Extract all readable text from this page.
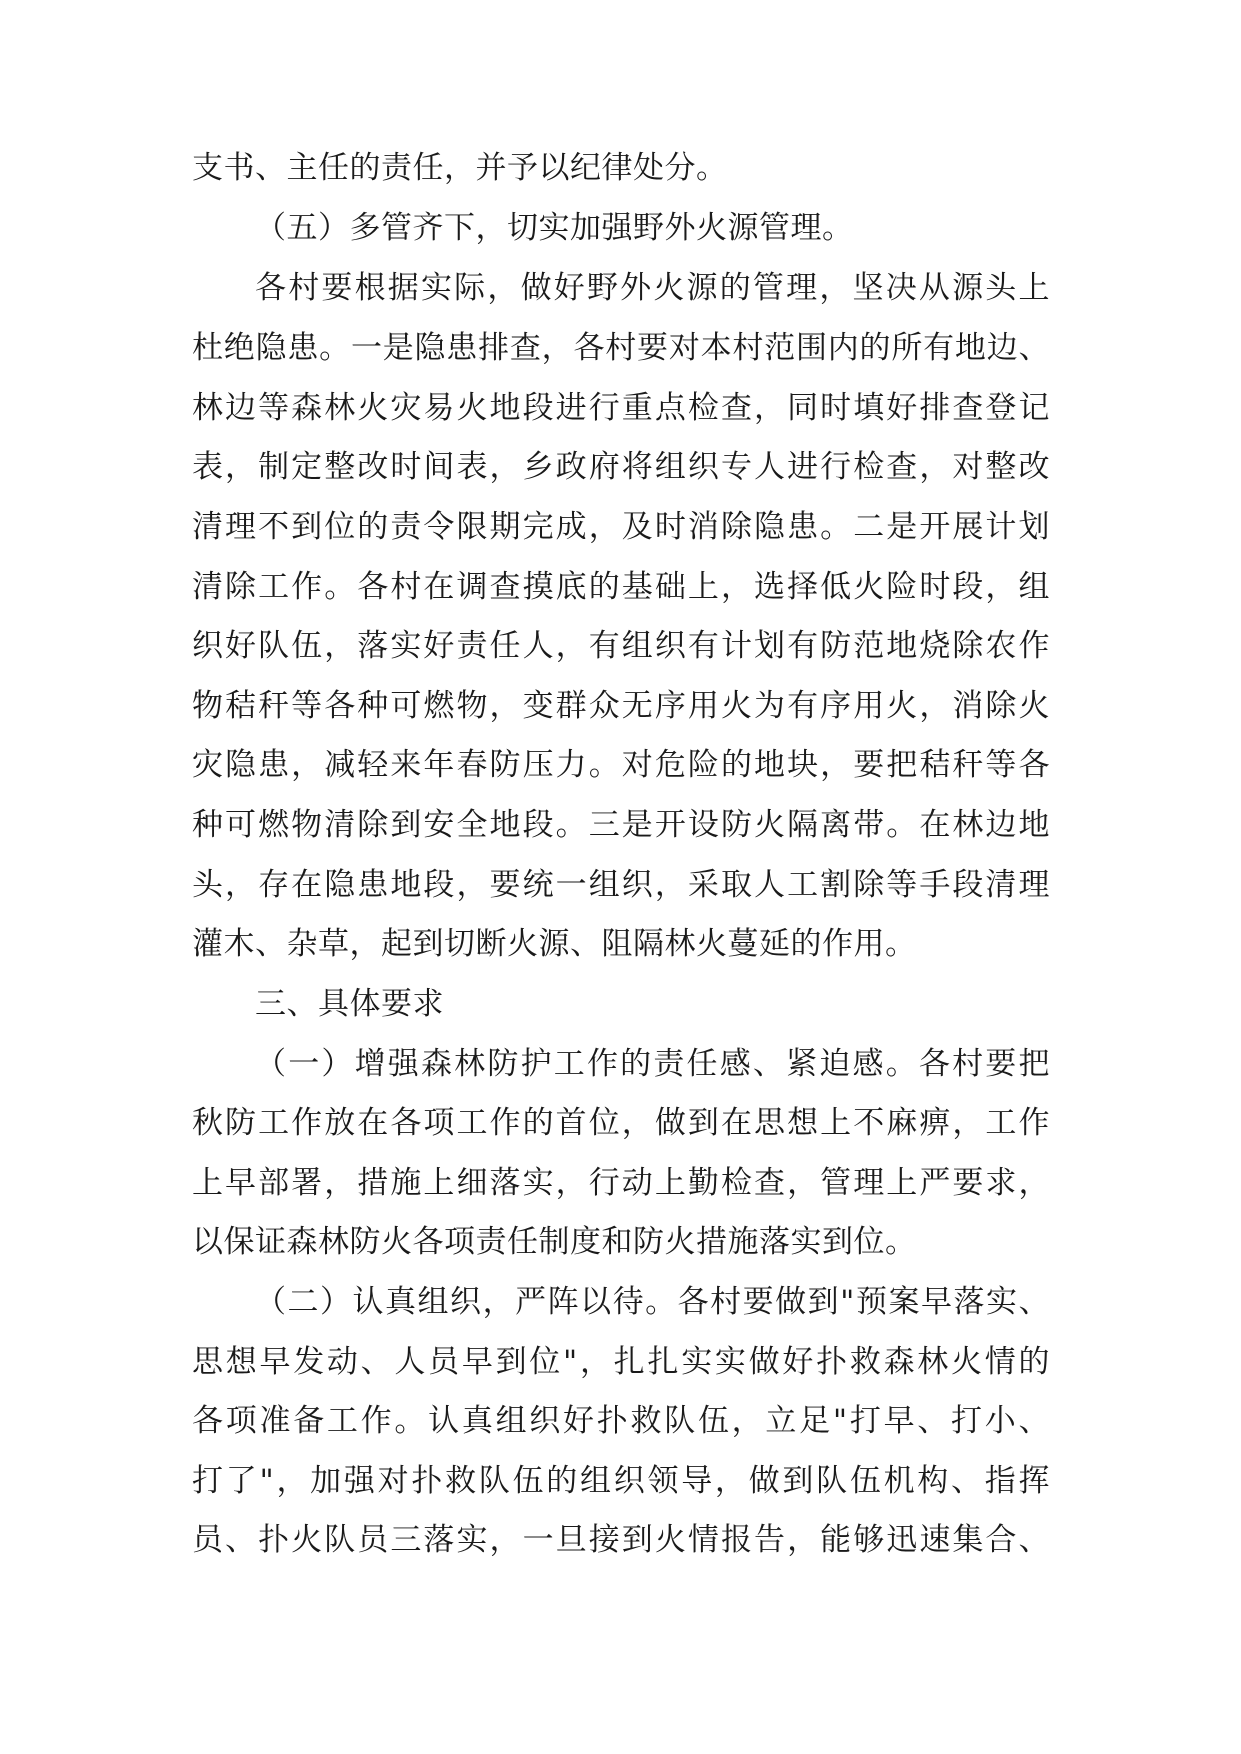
支书、主任的责任，并予以纪律处分。
（五）多管齐下，切实加强野外火源管理。
各村要根据实际，做好野外火源的管理，坚决从源头上
杜绝隐患。一是隐患排查，各村要对本村范围内的所有地边、
林边等森林火灾易火地段进行重点检查，同时填好排查登记
表，制定整改时间表，乡政府将组织专人进行检查，对整改
清理不到位的责令限期完成，及时消除隐患。二是开展计划
清除工作。各村在调查摸底的基础上，选择低火险时段，组
织好队伍，落实好责任人，有组织有计划有防范地烧除农作
物秸秆等各种可燃物，变群众无序用火为有序用火，消除火
灾隐患，减轻来年春防压力。对危险的地块，要把秸秆等各
种可燃物清除到安全地段。三是开设防火隔离带。在林边地
头，存在隐患地段，要统一组织，采取人工割除等手段清理
灌木、杂草，起到切断火源、阻隔林火蔓延的作用。
三、具体要求
（一）增强森林防护工作的责任感、紧迫感。各村要把
秋防工作放在各项工作的首位，做到在思想上不麻痹，工作
上早部署，措施上细落实，行动上勤检查，管理上严要求，
以保证森林防火各项责任制度和防火措施落实到位。
（二）认真组织，严阵以待。各村要做到"预案早落实、
思想早发动、人员早到位"，扎扎实实做好扑救森林火情的
各项准备工作。认真组织好扑救队伍，立足"打早、打小、
打了"，加强对扑救队伍的组织领导，做到队伍机构、指挥
员、扑火队员三落实，一旦接到火情报告，能够迅速集合、
